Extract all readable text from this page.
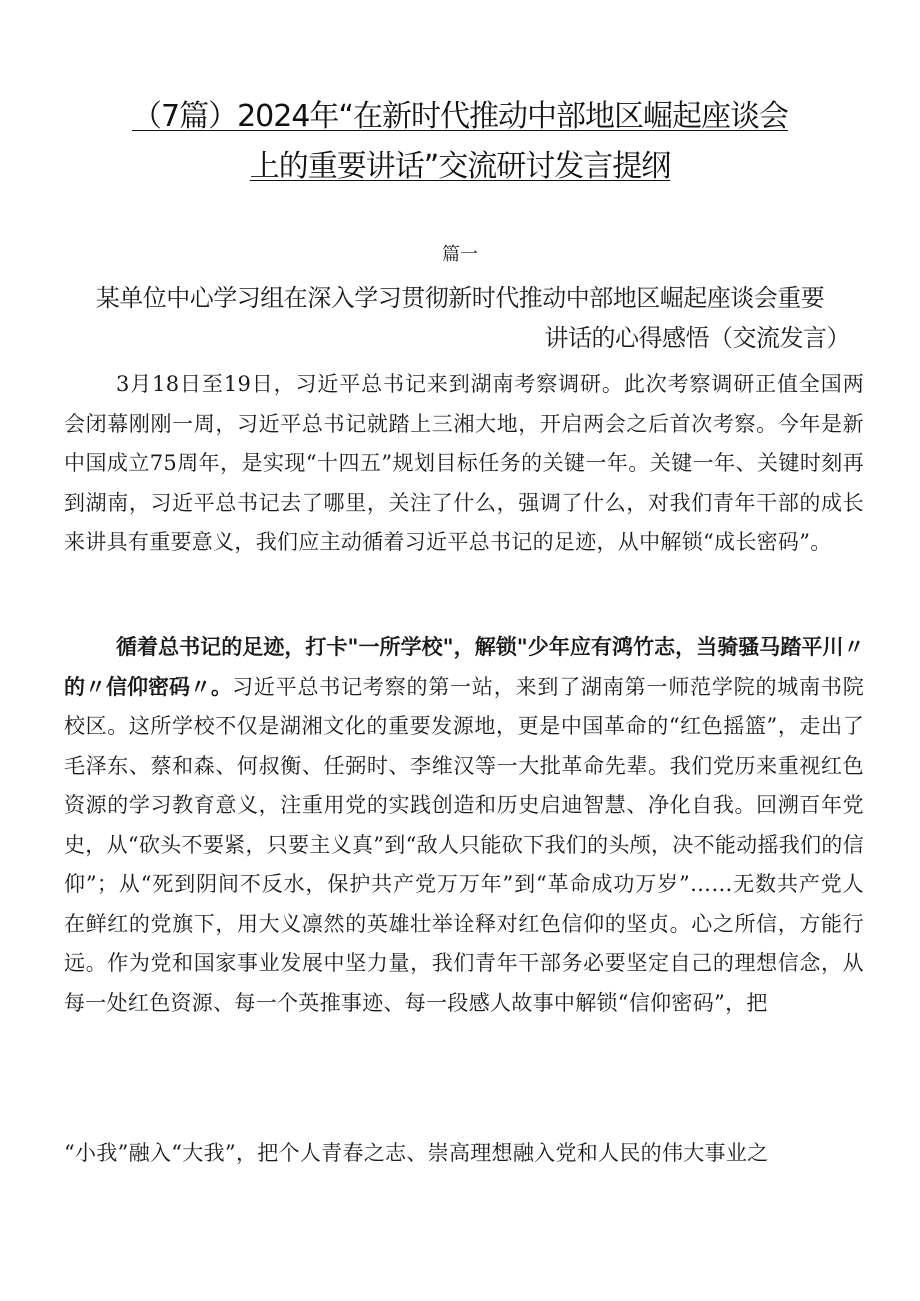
（7篇）2024年“在新时代推动中部地区崛起座谈会
上的重要讲话”交流研讨发言提纲

篇一

某单位中心学习组在深入学习贯彻新时代推动中部地区崛起座谈会重要
讲话的心得感悟（交流发言）

3月18日至19日，习近平总书记来到湖南考察调研。此次考察调研正值全国两会闭幕刚刚一周，习近平总书记就踏上三湘大地，开启两会之后首次考察。今年是新中国成立75周年，是实现“十四五”规划目标任务的关键一年。关键一年、关键时刻再到湖南，习近平总书记去了哪里，关注了什么，强调了什么，对我们青年干部的成长来讲具有重要意义，我们应主动循着习近平总书记的足迹，从中解锁“成长密码”。

循着总书记的足迹，打卡"一所学校"，解锁"少年应有鸿竹志，当骑骚马踏平川〃的〃信仰密码〃。习近平总书记考察的第一站，来到了湖南第一师范学院的城南书院校区。这所学校不仅是湖湘文化的重要发源地，更是中国革命的“红色摇篮”，走出了毛泽东、蔡和森、何叔衡、任弼时、李维汉等一大批革命先辈。我们党历来重视红色资源的学习教育意义，注重用党的实践创造和历史启迪智慧、净化自我。回溯百年党史，从“砍头不要紧，只要主义真”到“敌人只能砍下我们的头颅，决不能动摇我们的信仰”；从“死到阴间不反水，保护共产党万万年”到“革命成功万岁”……无数共产党人在鲜红的党旗下，用大义凛然的英雄壮举诠释对红色信仰的坚贞。心之所信，方能行远。作为党和国家事业发展中坚力量，我们青年干部务必要坚定自己的理想信念，从每一处红色资源、每一个英推事迹、每一段感人故事中解锁“信仰密码”，把

“小我”融入“大我”，把个人青春之志、崇高理想融入党和人民的伟大事业之
